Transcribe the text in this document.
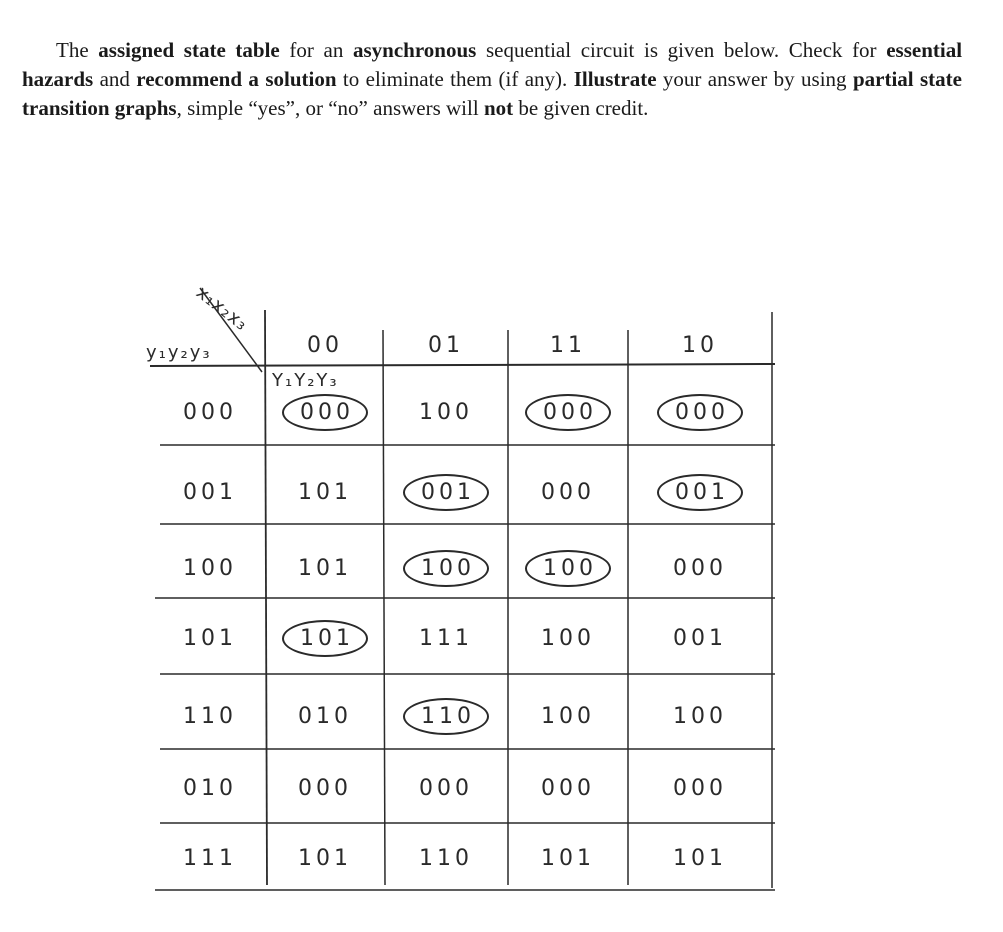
The assigned state table for an asynchronous sequential circuit is given below. Check for essential hazards and recommend a solution to eliminate them (if any). Illustrate your answer by using partial state transition graphs, simple “yes”, or “no” answers will not be given credit.
x₁x₂x₃
y₁y₂y₃
Y₁Y₂Y₃
00	01	11	10
000	000	100	000	000
001	101	001	000	001
100	101	100	100	000
101	101	111	100	001
110	010	110	100	100
010	000	000	000	000
111	101	110	101	101
